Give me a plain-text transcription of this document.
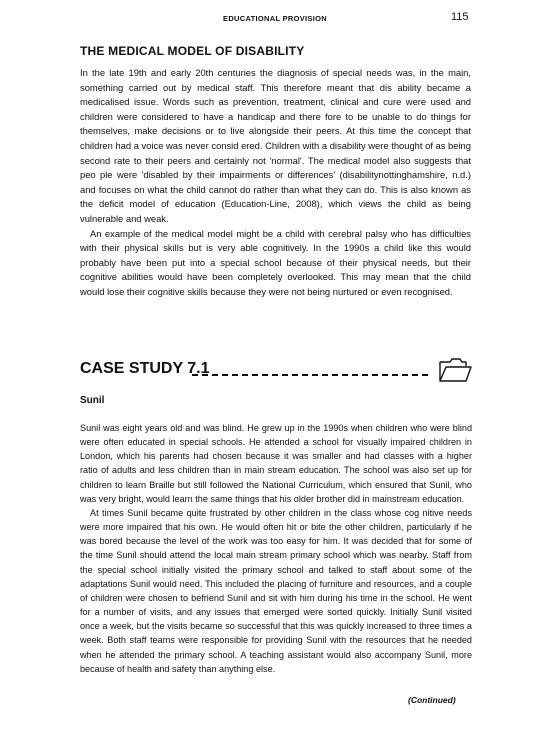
EDUCATIONAL PROVISION	115
THE MEDICAL MODEL OF DISABILITY

In the late 19th and early 20th centuries the diagnosis of special needs was, in the main, something carried out by medical staff. This therefore meant that dis ability became a medicalised issue. Words such as prevention, treatment, clinical and cure were used and children were considered to have a handicap and there fore to be unable to do things for themselves, make decisions or to live alongside their peers. At this time the concept that children had a voice was never consid ered. Children with a disability were thought of as being second rate to their peers and certainly not 'normal'. The medical model also suggests that peo ple were 'disabled by their impairments or differences' (disabilitynottinghamshire, n.d.) and focuses on what the child cannot do rather than what they can do. This is also known as the deficit model of education (Education-Line, 2008), which views the child as being vulnerable and weak.

An example of the medical model might be a child with cerebral palsy who has difficulties with their physical skills but is very able cognitively. In the 1990s a child like this would probably have been put into a special school because of their physical needs, but their cognitive abilities would have been completely overlooked. This may mean that the child would lose their cognitive skills because they were not being nurtured or even recognised.

CASE STUDY 7.1
Sunil

Sunil was eight years old and was blind. He grew up in the 1990s when children who were blind were often educated in special schools. He attended a school for visually impaired children in London, which his parents had chosen because it was smaller and had classes with a higher ratio of adults and less children than in main stream education. The school was also set up for children to learn Braille but still followed the National Curriculum, which ensured that Sunil, who was very bright, would learn the same things that his older brother did in mainstream education.

At times Sunil became quite frustrated by other children in the class whose cog nitive needs were more impaired that his own. He would often hit or bite the other children, particularly if he was bored because the level of the work was too easy for him. It was decided that for some of the time Sunil should attend the local main stream primary school which was nearby. Staff from the special school initially visited the primary school and talked to staff about some of the adaptations Sunil would need. This included the placing of furniture and resources, and a couple of children were chosen to befriend Sunil and sit with him during his time in the school. He went for a number of visits, and any issues that emerged were sorted quickly. Initially Sunil visited once a week, but the visits became so successful that this was quickly increased to three times a week. Both staff teams were responsible for providing Sunil with the resources that he needed when he attended the primary school. A teaching assistant would also accompany Sunil, more because of health and safety than anything else.

(Continued)
